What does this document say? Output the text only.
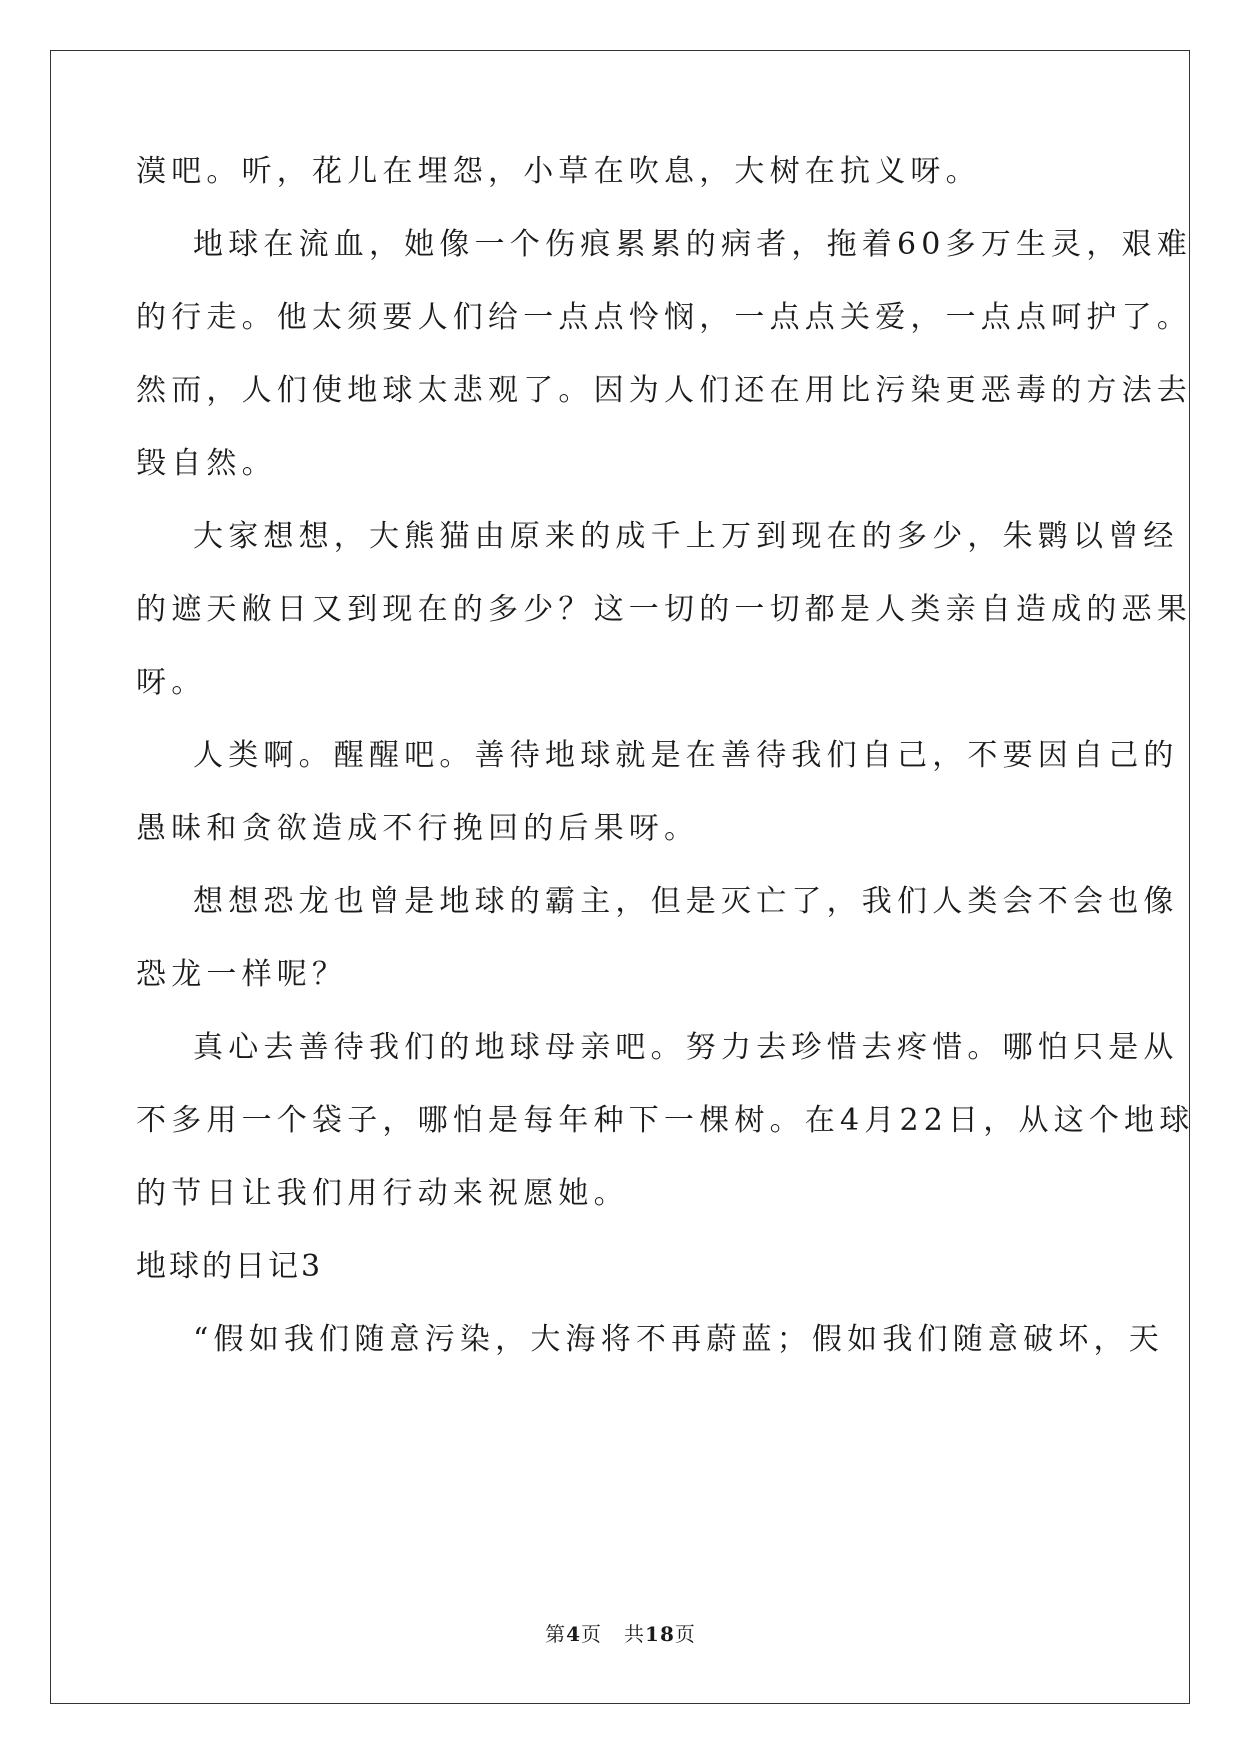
漠吧。听，花儿在埋怨，小草在吹息，大树在抗义呀。
地球在流血，她像一个伤痕累累的病者，拖着60多万生灵，艰难
的行走。他太须要人们给一点点怜悯，一点点关爱，一点点呵护了。
然而，人们使地球太悲观了。因为人们还在用比污染更恶毒的方法去
毁自然。
大家想想，大熊猫由原来的成千上万到现在的多少，朱鹮以曾经
的遮天敝日又到现在的多少？这一切的一切都是人类亲自造成的恶果
呀。
人类啊。醒醒吧。善待地球就是在善待我们自己，不要因自己的
愚昧和贪欲造成不行挽回的后果呀。
想想恐龙也曾是地球的霸主，但是灭亡了，我们人类会不会也像
恐龙一样呢？
真心去善待我们的地球母亲吧。努力去珍惜去疼惜。哪怕只是从
不多用一个袋子，哪怕是每年种下一棵树。在4月22日，从这个地球
的节日让我们用行动来祝愿她。
地球的日记3
“假如我们随意污染，大海将不再蔚蓝；假如我们随意破坏，天
第4页 共18页
